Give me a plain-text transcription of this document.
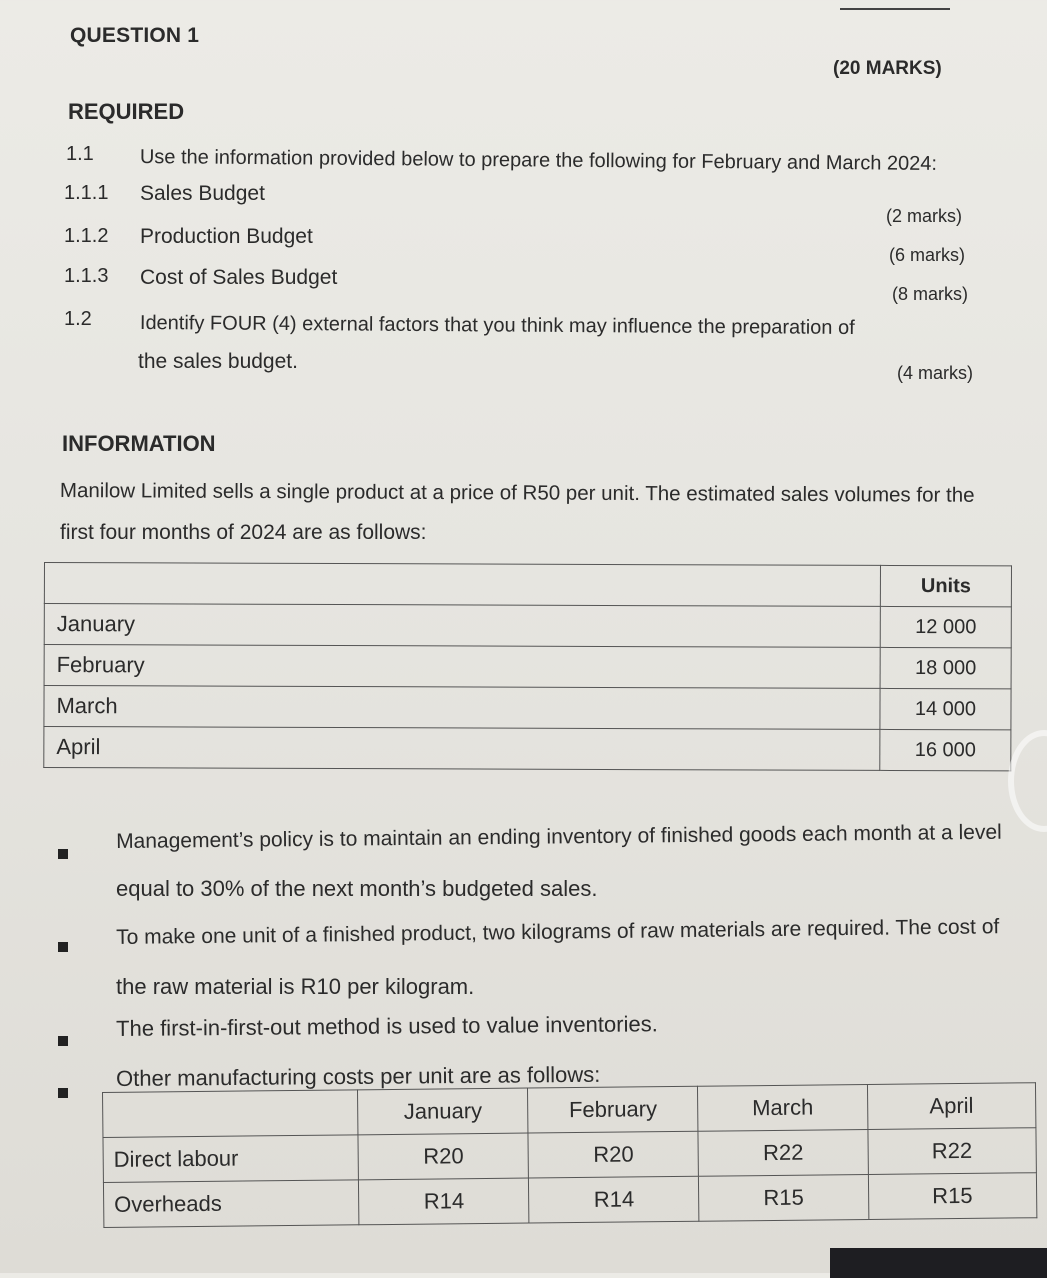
QUESTION 1
(20 MARKS)
REQUIRED
1.1 Use the information provided below to prepare the following for February and March 2024:
1.1.1 Sales Budget
(2 marks)
1.1.2 Production Budget
(6 marks)
1.1.3 Cost of Sales Budget
(8 marks)
1.2 Identify FOUR (4) external factors that you think may influence the preparation of
the sales budget.	(4 marks)
INFORMATION
Manilow Limited sells a single product at a price of R50 per unit. The estimated sales volumes for the
first four months of 2024 are as follows:
	Units
January	12 000
February	18 000
March	14 000
April	16 000
Management’s policy is to maintain an ending inventory of finished goods each month at a level
equal to 30% of the next month’s budgeted sales.
To make one unit of a finished product, two kilograms of raw materials are required. The cost of
the raw material is R10 per kilogram.
The first-in-first-out method is used to value inventories.
Other manufacturing costs per unit are as follows:
	January	February	March	April
Direct labour	R20	R20	R22	R22
Overheads	R14	R14	R15	R15
